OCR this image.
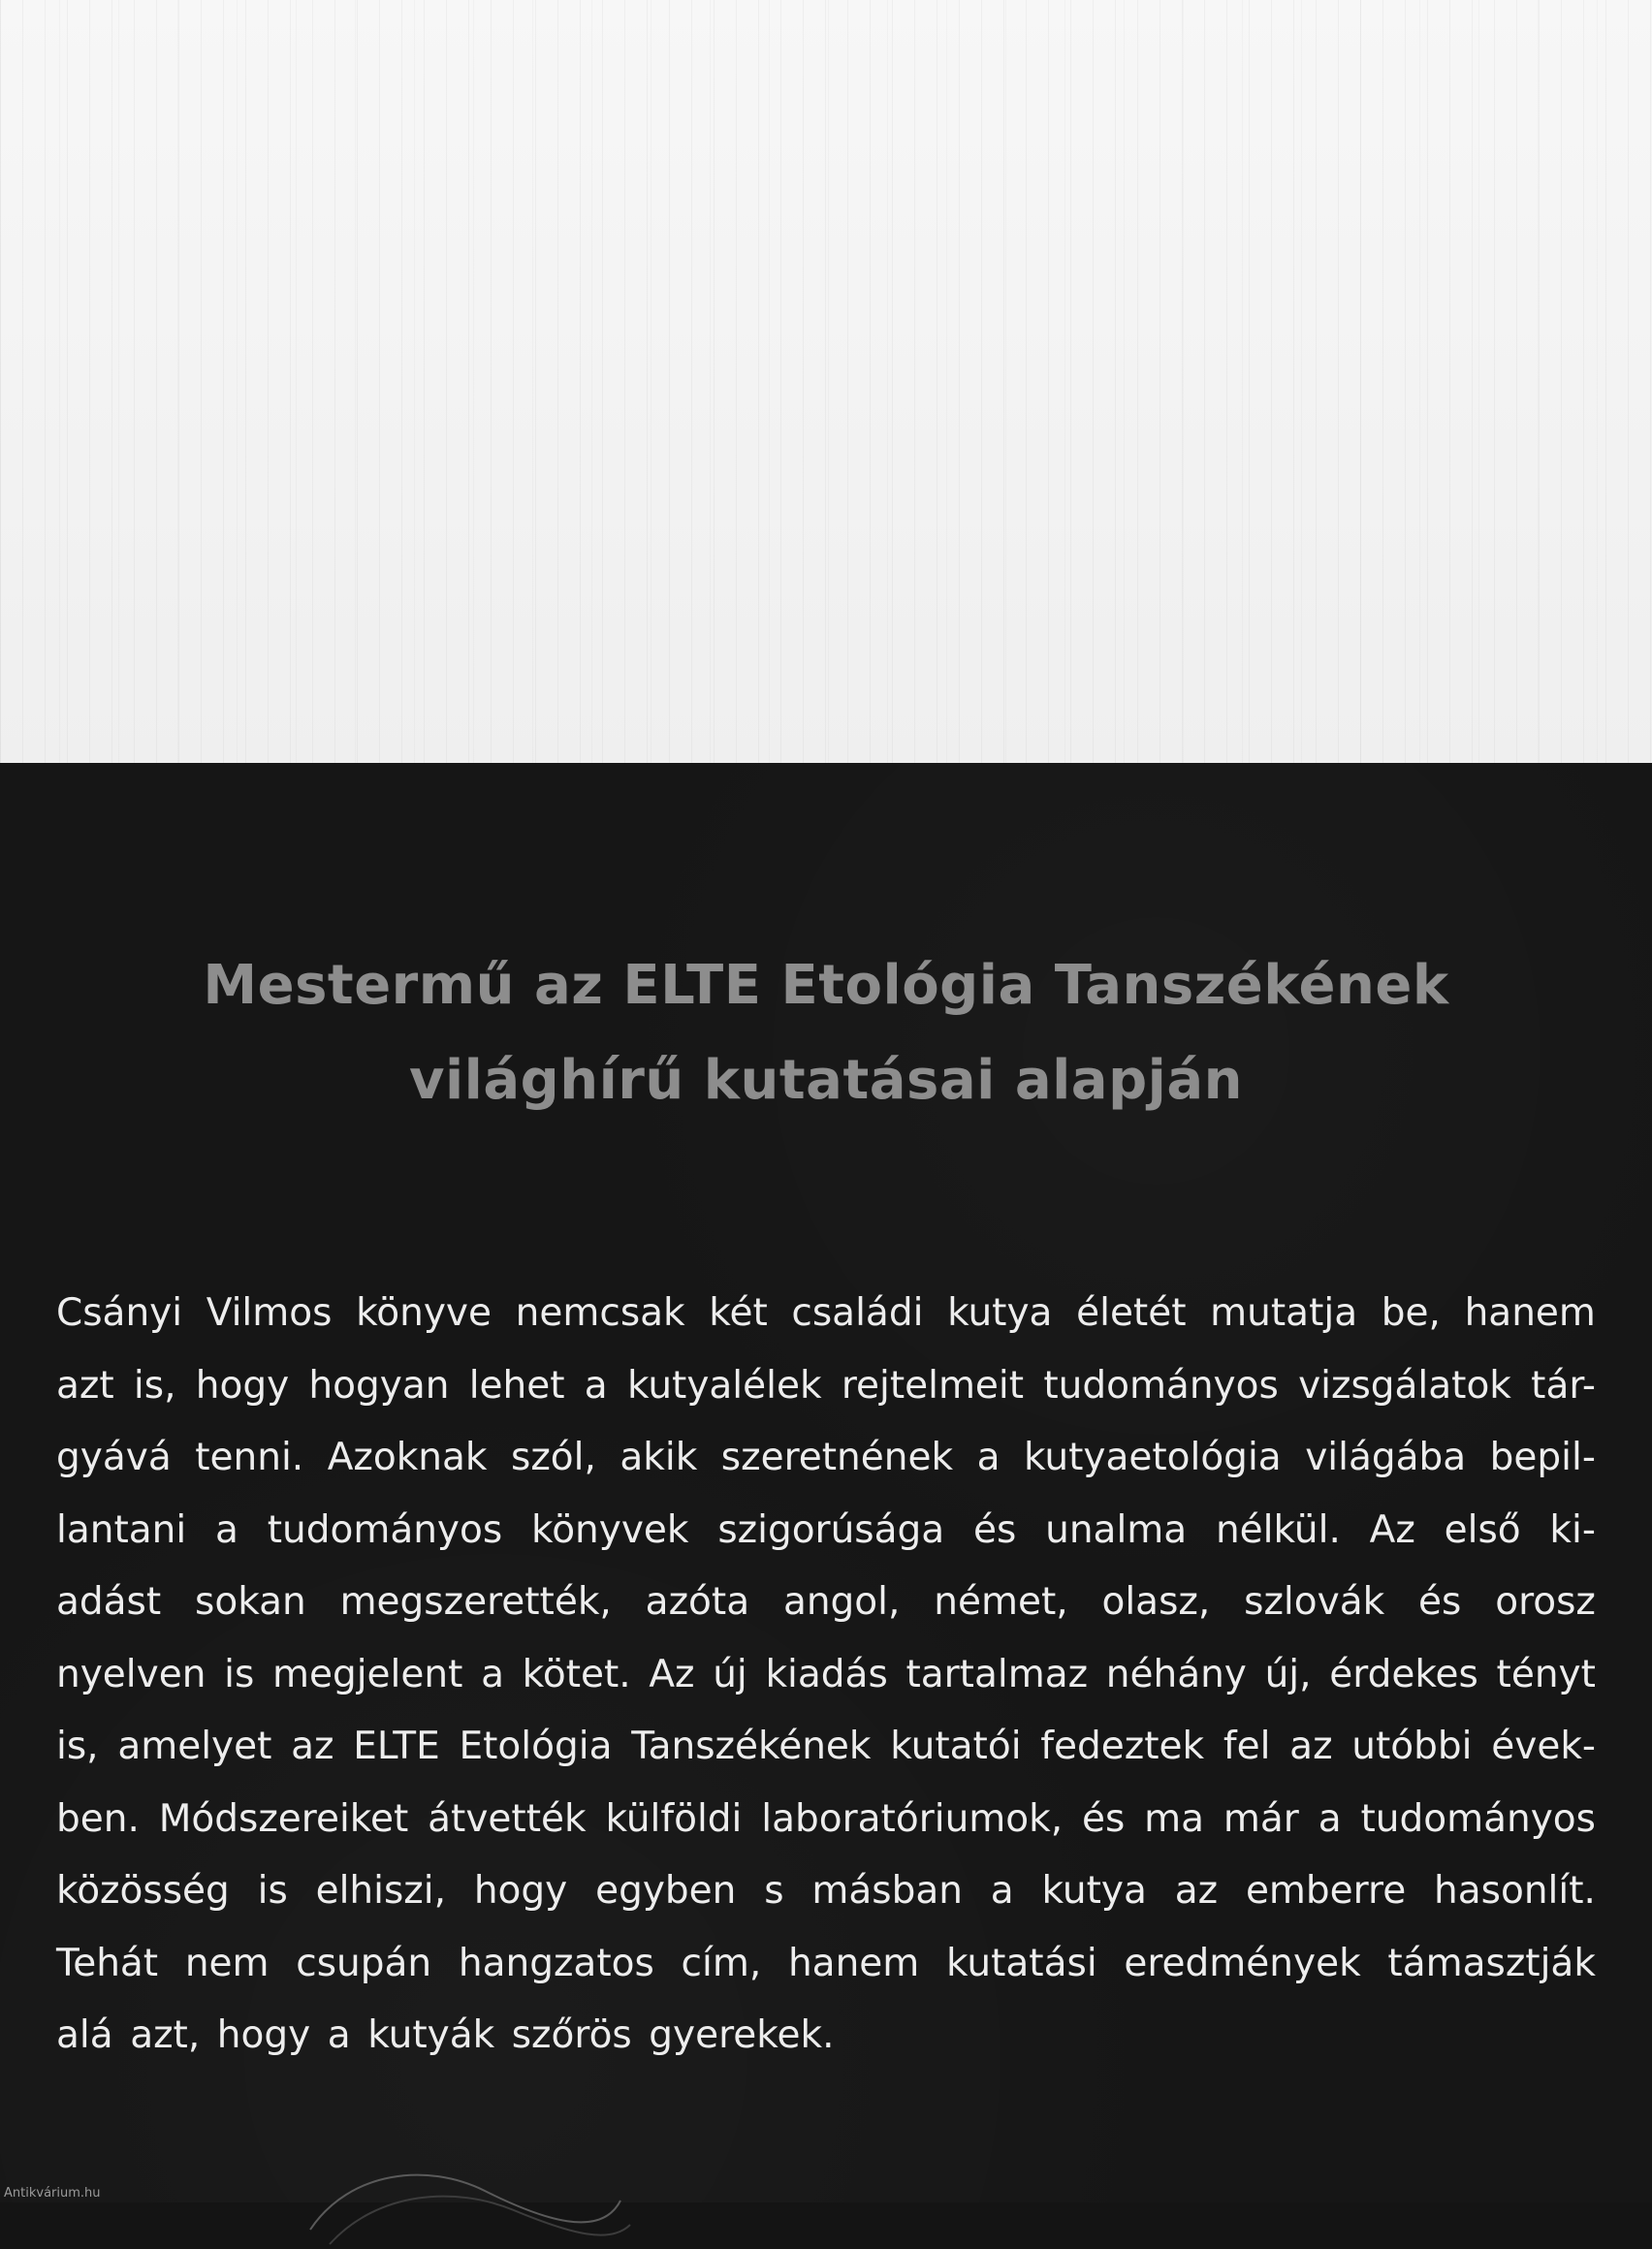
Mestermű az ELTE Etológia Tanszékének
világhírű kutatásai alapján
Csányi Vilmos könyve nemcsak két családi kutya életét mutatja be, hanem
azt is, hogy hogyan lehet a kutyalélek rejtelmeit tudományos vizsgálatok tár-
gyává tenni. Azoknak szól, akik szeretnének a kutyaetológia világába bepil-
lantani a tudományos könyvek szigorúsága és unalma nélkül. Az első ki-
adást sokan megszerették, azóta angol, német, olasz, szlovák és orosz
nyelven is megjelent a kötet. Az új kiadás tartalmaz néhány új, érdekes tényt
is, amelyet az ELTE Etológia Tanszékének kutatói fedeztek fel az utóbbi évek-
ben. Módszereiket átvették külföldi laboratóriumok, és ma már a tudományos
közösség is elhiszi, hogy egyben s másban a kutya az emberre hasonlít.
Tehát nem csupán hangzatos cím, hanem kutatási eredmények támasztják
alá azt, hogy a kutyák szőrös gyerekek.
Antikvárium.hu
